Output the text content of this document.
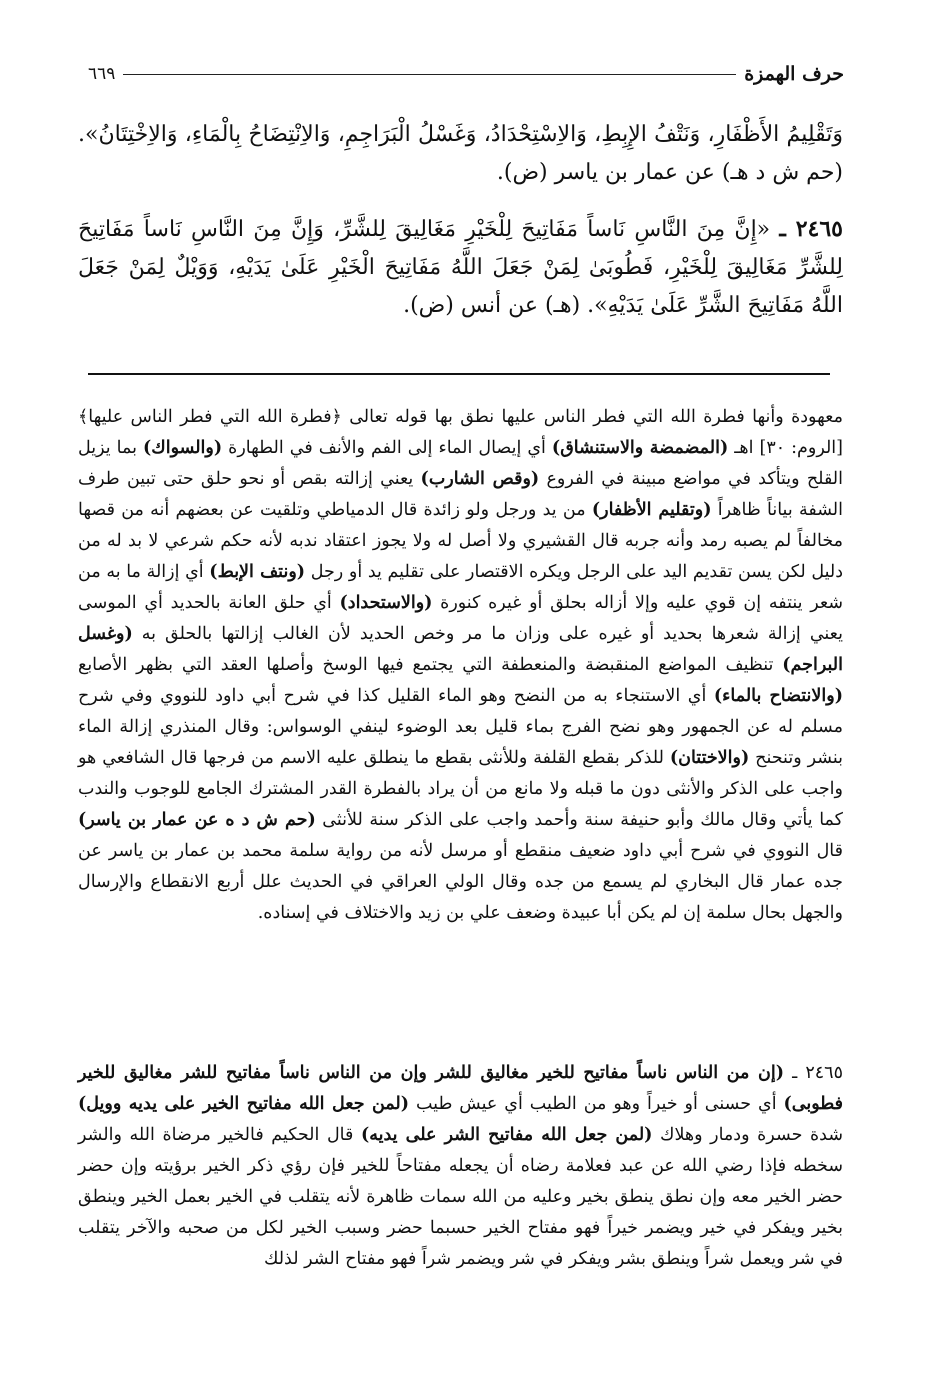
حرف الهمزة
٦٦٩

وَتَقْلِيمُ الأَظْفَارِ، وَنَتْفُ الإِبِطِ، وَالاِسْتِحْدَادُ، وَغَسْلُ الْبَرَاجِمِ، وَالاِنْتِضَاحُ بِالْمَاءِ، وَالاِخْتِتَانُ». (حم ش د هـ) عن عمار بن ياسر (ض).

٢٤٦٥ ـ «إِنَّ مِنَ النَّاسِ نَاساً مَفَاتِيحَ لِلْخَيْرِ مَغَالِيقَ لِلشَّرِّ، وَإِنَّ مِنَ النَّاسِ نَاساً مَفَاتِيحَ لِلشَّرِّ مَغَالِيقَ لِلْخَيْرِ، فَطُوبَىٰ لِمَنْ جَعَلَ اللَّهُ مَفَاتِيحَ الْخَيْرِ عَلَىٰ يَدَيْهِ، وَوَيْلٌ لِمَنْ جَعَلَ اللَّهُ مَفَاتِيحَ الشَّرِّ عَلَىٰ يَدَيْهِ». (هـ) عن أنس (ض).

معهودة وأنها فطرة الله التي فطر الناس عليها نطق بها قوله تعالى ﴿فطرة الله التي فطر الناس عليها﴾ [الروم: ٣٠] اهـ (المضمضة والاستنشاق) أي إيصال الماء إلى الفم والأنف في الطهارة (والسواك) بما يزيل القلح ويتأكد في مواضع مبينة في الفروع (وقص الشارب) يعني إزالته بقص أو نحو حلق حتى تبين طرف الشفة بياناً ظاهراً (وتقليم الأظفار) من يد ورجل ولو زائدة قال الدمياطي وتلقيت عن بعضهم أنه من قصها مخالفاً لم يصبه رمد وأنه جربه قال القشيري ولا أصل له ولا يجوز اعتقاد ندبه لأنه حكم شرعي لا بد له من دليل لكن يسن تقديم اليد على الرجل ويكره الاقتصار على تقليم يد أو رجل (ونتف الإبط) أي إزالة ما به من شعر ينتفه إن قوي عليه وإلا أزاله بحلق أو غيره كنورة (والاستحداد) أي حلق العانة بالحديد أي الموسى يعني إزالة شعرها بحديد أو غيره على وزان ما مر وخص الحديد لأن الغالب إزالتها بالحلق به (وغسل البراجم) تنظيف المواضع المنقبضة والمنعطفة التي يجتمع فيها الوسخ وأصلها العقد التي بظهر الأصابع (والانتضاح بالماء) أي الاستنجاء به من النضح وهو الماء القليل كذا في شرح أبي داود للنووي وفي شرح مسلم له عن الجمهور وهو نضح الفرج بماء قليل بعد الوضوء لينفي الوسواس: وقال المنذري إزالة الماء بنشر وتنحنح (والاختتان) للذكر بقطع القلفة وللأنثى بقطع ما ينطلق عليه الاسم من فرجها قال الشافعي هو واجب على الذكر والأنثى دون ما قبله ولا مانع من أن يراد بالفطرة القدر المشترك الجامع للوجوب والندب كما يأتي وقال مالك وأبو حنيفة سنة وأحمد واجب على الذكر سنة للأنثى (حم ش د ه عن عمار بن ياسر) قال النووي في شرح أبي داود ضعيف منقطع أو مرسل لأنه من رواية سلمة محمد بن عمار بن ياسر عن جده عمار قال البخاري لم يسمع من جده وقال الولي العراقي في الحديث علل أربع الانقطاع والإرسال والجهل بحال سلمة إن لم يكن أبا عبيدة وضعف علي بن زيد والاختلاف في إسناده.

٢٤٦٥ ـ (إن من الناس ناساً مفاتيح للخير مغاليق للشر وإن من الناس ناساً مفاتيح للشر مغاليق للخير فطوبى) أي حسنى أو خيراً وهو من الطيب أي عيش طيب (لمن جعل الله مفاتيح الخير على يديه وويل) شدة حسرة ودمار وهلاك (لمن جعل الله مفاتيح الشر على يديه) قال الحكيم فالخير مرضاة الله والشر سخطه فإذا رضي الله عن عبد فعلامة رضاه أن يجعله مفتاحاً للخير فإن رؤي ذكر الخير برؤيته وإن حضر حضر الخير معه وإن نطق ينطق بخير وعليه من الله سمات ظاهرة لأنه يتقلب في الخير بعمل الخير وينطق بخير ويفكر في خير ويضمر خيراً فهو مفتاح الخير حسبما حضر وسبب الخير لكل من صحبه والآخر يتقلب في شر ويعمل شراً وينطق بشر ويفكر في شر ويضمر شراً فهو مفتاح الشر لذلك
